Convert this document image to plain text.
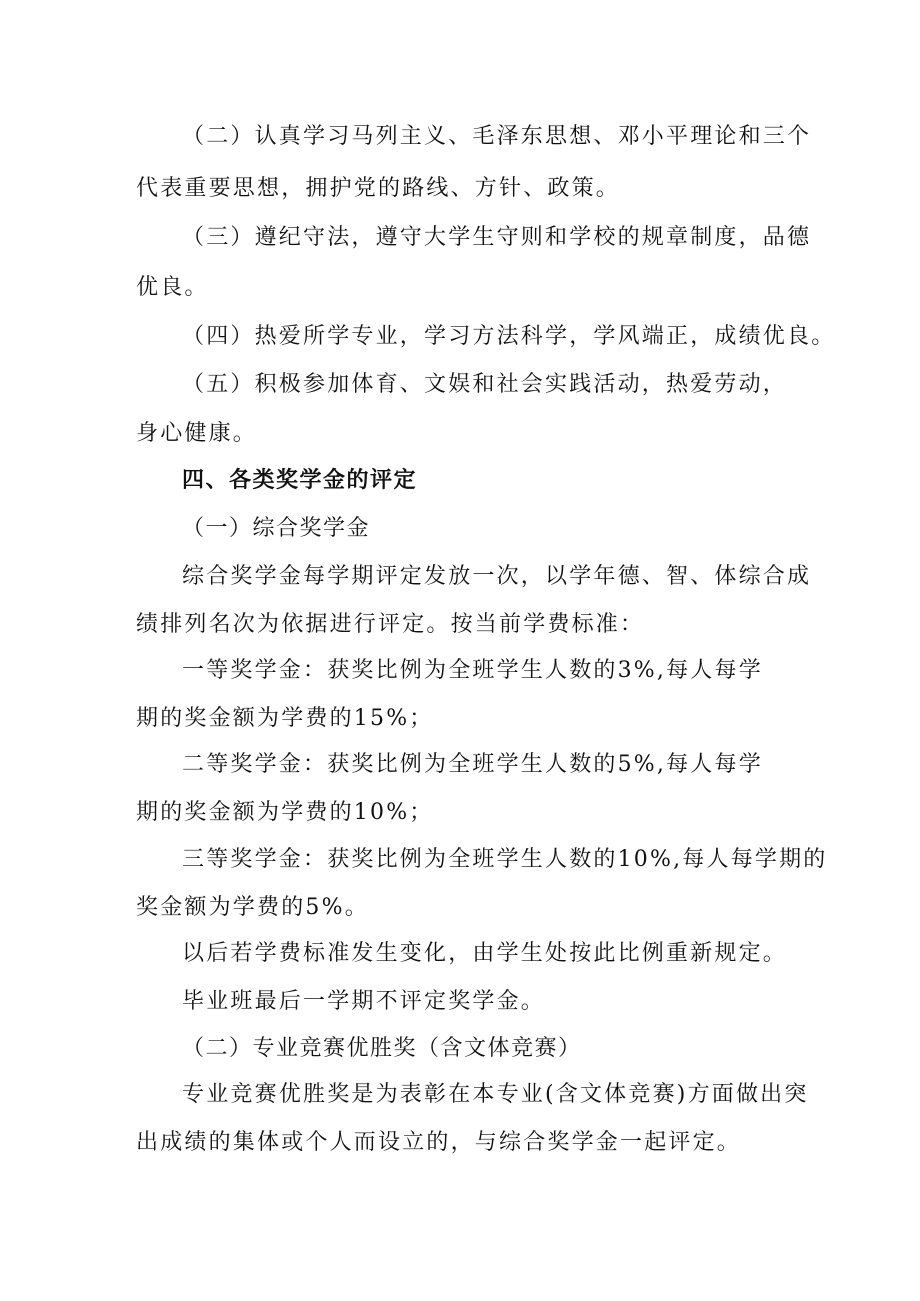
（二）认真学习马列主义、毛泽东思想、邓小平理论和三个
代表重要思想，拥护党的路线、方针、政策。
（三）遵纪守法，遵守大学生守则和学校的规章制度，品德
优良。
（四）热爱所学专业，学习方法科学，学风端正，成绩优良。
（五）积极参加体育、文娱和社会实践活动，热爱劳动，
身心健康。
四、各类奖学金的评定
（一）综合奖学金
综合奖学金每学期评定发放一次，以学年德、智、体综合成
绩排列名次为依据进行评定。按当前学费标准：
一等奖学金：获奖比例为全班学生人数的3%,每人每学
期的奖金额为学费的15%；
二等奖学金：获奖比例为全班学生人数的5%,每人每学
期的奖金额为学费的10%；
三等奖学金：获奖比例为全班学生人数的10%,每人每学期的
奖金额为学费的5%。
以后若学费标准发生变化，由学生处按此比例重新规定。
毕业班最后一学期不评定奖学金。
（二）专业竞赛优胜奖（含文体竞赛）
专业竞赛优胜奖是为表彰在本专业(含文体竞赛)方面做出突
出成绩的集体或个人而设立的，与综合奖学金一起评定。
